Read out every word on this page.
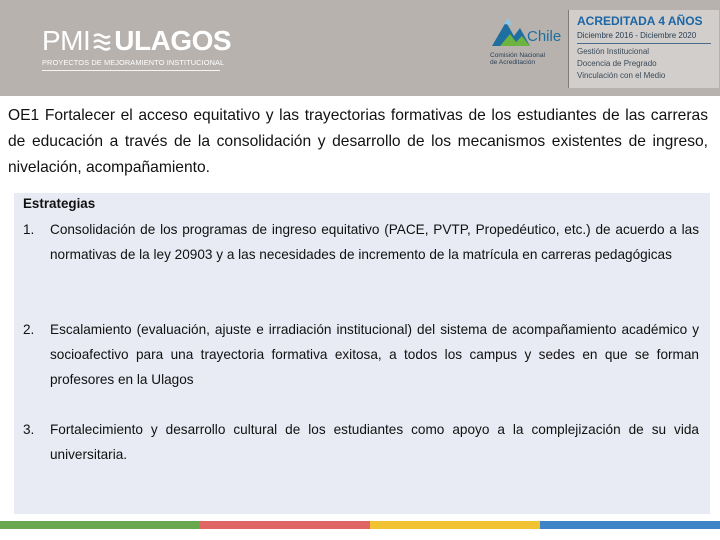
PMI ULAGOS
PROYECTOS DE MEJORAMIENTO INSTITUCIONAL
Chile
Comisión Nacional
de Acreditación
ACREDITADA 4 AÑOS
Diciembre 2016 - Diciembre 2020
Gestión Institucional
Docencia de Pregrado
Vinculación con el Medio

OE1 Fortalecer el acceso equitativo y las trayectorias formativas de los estudiantes de las carreras de educación a través de la consolidación y desarrollo de los mecanismos existentes de ingreso, nivelación, acompañamiento.

Estrategias
1. Consolidación de los programas de ingreso equitativo (PACE, PVTP, Propedéutico, etc.) de acuerdo a las normativas de la ley 20903 y a las necesidades de incremento de la matrícula en carreras pedagógicas
2. Escalamiento (evaluación, ajuste e irradiación institucional) del sistema de acompañamiento académico y socioafectivo para una trayectoria formativa exitosa, a todos los campus y sedes en que se forman profesores en la Ulagos
3. Fortalecimiento y desarrollo cultural de los estudiantes como apoyo a la complejización de su vida universitaria.
